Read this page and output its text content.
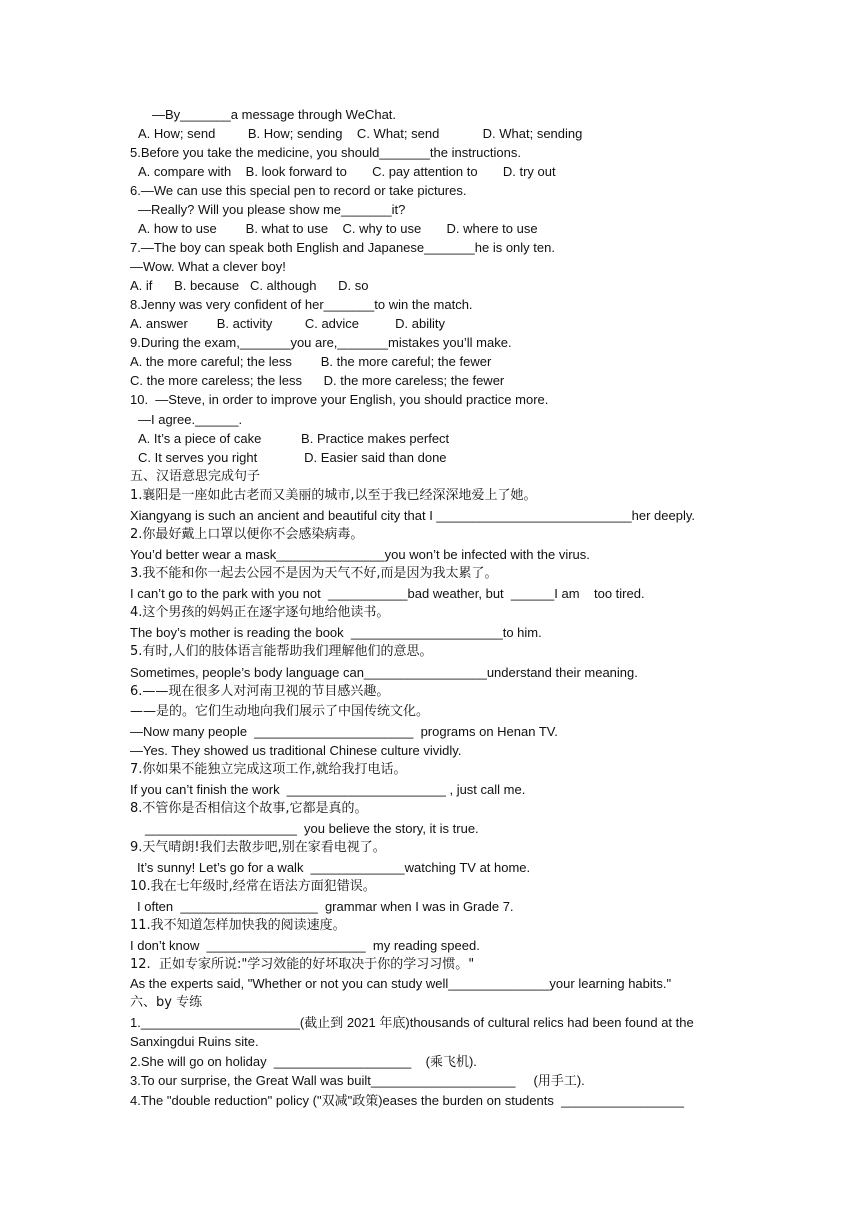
—By_______a message through WeChat.
A. How; send         B. How; sending    C. What; send            D. What; sending
5.Before you take the medicine, you should_______the instructions.
A. compare with    B. look forward to       C. pay attention to       D. try out
6.—We can use this special pen to record or take pictures.
—Really? Will you please show me_______it?
A. how to use        B. what to use    C. why to use       D. where to use
7.—The boy can speak both English and Japanese_______he is only ten.
—Wow. What a clever boy!
A. if      B. because   C. although      D. so
8.Jenny was very confident of her_______to win the match.
A. answer        B. activity         C. advice          D. ability
9.During the exam,_______you are,_______mistakes you’ll make.
A. the more careful; the less        B. the more careful; the fewer
C. the more careless; the less      D. the more careless; the fewer
10.  —Steve, in order to improve your English, you should practice more.
—I agree.______.
A. It’s a piece of cake           B. Practice makes perfect
C. It serves you right             D. Easier said than done
五、汉语意思完成句子
1.襄阳是一座如此古老而又美丽的城市,以至于我已经深深地爱上了她。
Xiangyang is such an ancient and beautiful city that I ___________________________her deeply.
2.你最好戴上口罩以便你不会感染病毒。
You’d better wear a mask_______________you won’t be infected with the virus.
3.我不能和你一起去公园不是因为天气不好,而是因为我太累了。
I can’t go to the park with you not  ___________bad weather, but  ______I am    too tired.
4.这个男孩的妈妈正在逐字逐句地给他读书。
The boy’s mother is reading the book  _____________________to him.
5.有时,人们的肢体语言能帮助我们理解他们的意思。
Sometimes, people’s body language can_________________understand their meaning.
6.——现在很多人对河南卫视的节目感兴趣。
——是的。它们生动地向我们展示了中国传统文化。
—Now many people  ______________________  programs on Henan TV.
—Yes. They showed us traditional Chinese culture vividly.
7.你如果不能独立完成这项工作,就给我打电话。
If you can’t finish the work  ______________________ , just call me.
8.不管你是否相信这个故事,它都是真的。
_____________________  you believe the story, it is true.
9.天气晴朗!我们去散步吧,别在家看电视了。
It’s sunny! Let’s go for a walk  _____________watching TV at home.
10.我在七年级时,经常在语法方面犯错误。
I often  ___________________  grammar when I was in Grade 7.
11.我不知道怎样加快我的阅读速度。
I don’t know  ______________________  my reading speed.
12.  正如专家所说:"学习效能的好坏取决于你的学习习惯。"
As the experts said, "Whether or not you can study well______________your learning habits."
六、by 专练
1.______________________(截止到 2021 年底)thousands of cultural relics had been found at the
Sanxingdui Ruins site.
2.She will go on holiday  ___________________    (乘飞机).
3.To our surprise, the Great Wall was built____________________     (用手工).
4.The "double reduction" policy ("双减"政策)eases the burden on students  _________________
